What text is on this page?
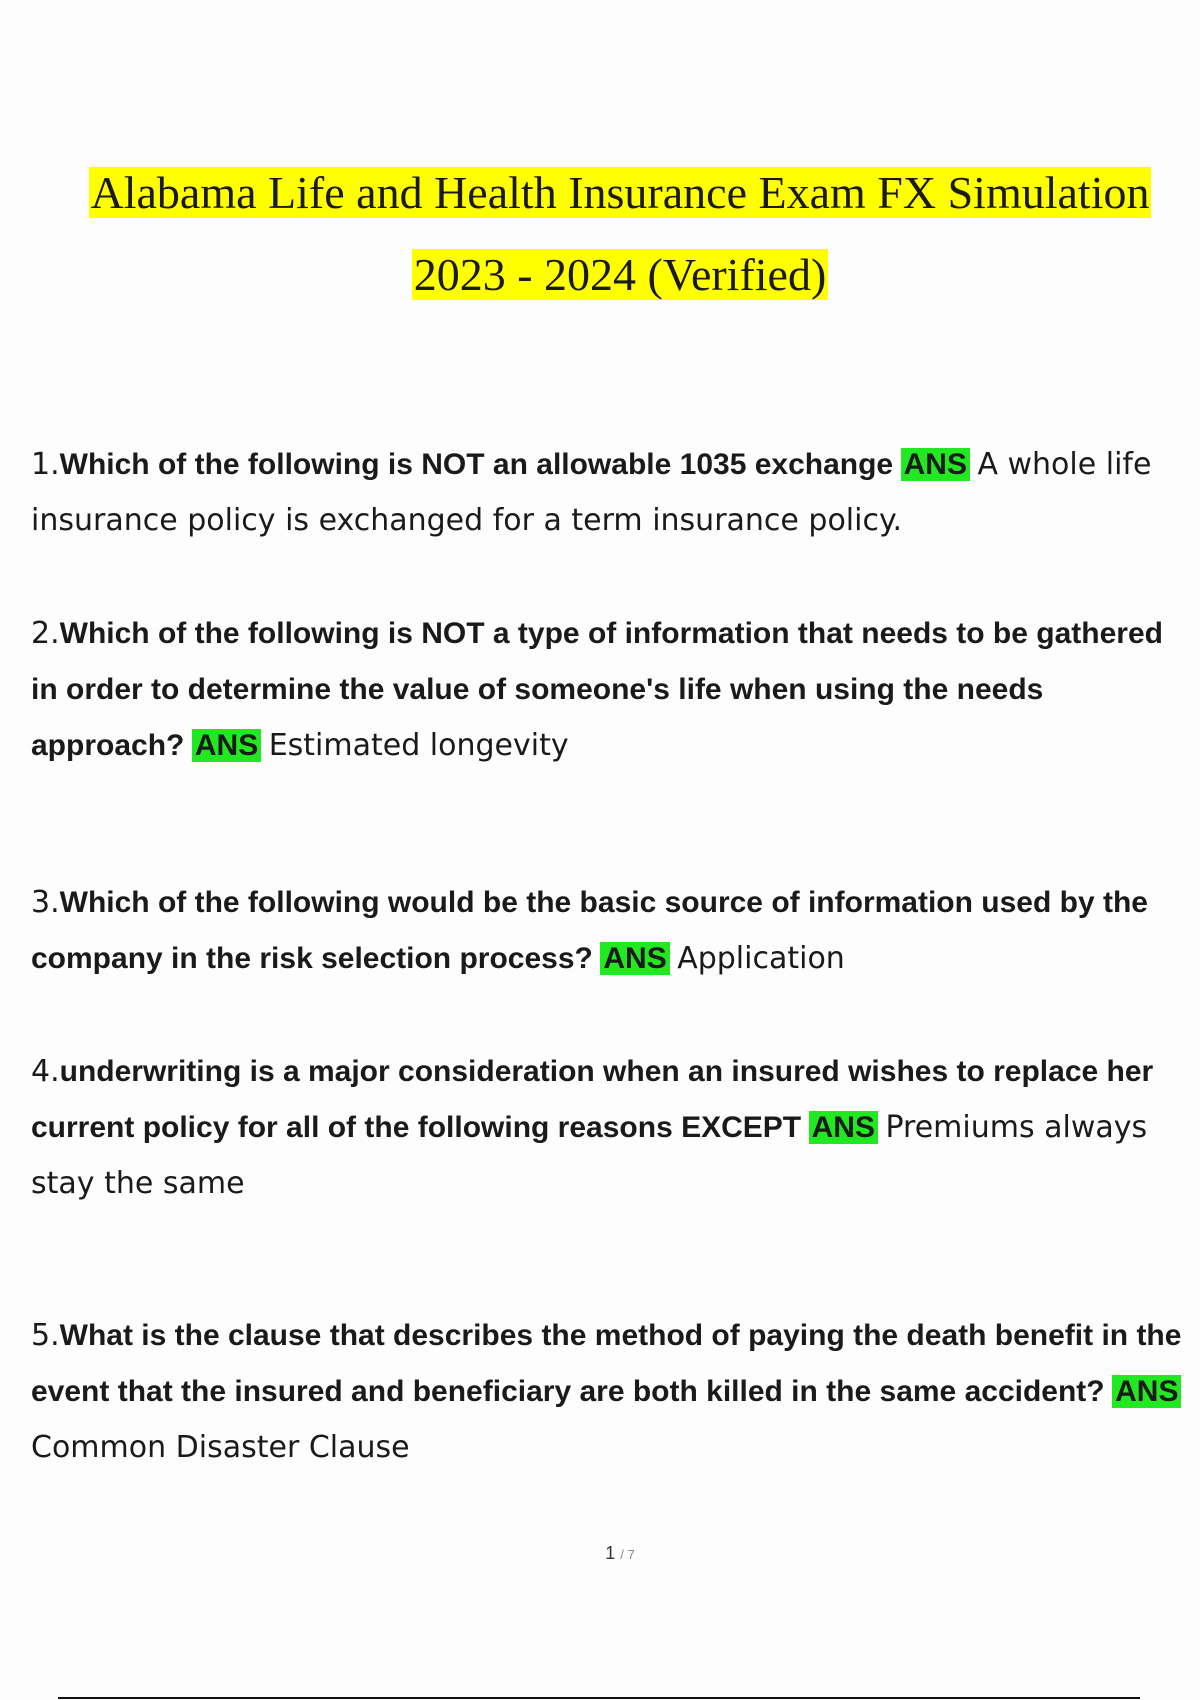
Alabama Life and Health Insurance Exam FX Simulation
2023 - 2024 (Verified)
1.Which of the following is NOT an allowable 1035 exchange ANS A whole life insurance policy is exchanged for a term insurance policy.
2.Which of the following is NOT a type of information that needs to be gathered in order to determine the value of someone's life when using the needs approach? ANS Estimated longevity
3.Which of the following would be the basic source of information used by the company in the risk selection process? ANS Application
4.underwriting is a major consideration when an insured wishes to replace her current policy for all of the following reasons EXCEPT ANS Premiums always stay the same
5.What is the clause that describes the method of paying the death benefit in the event that the insured and beneficiary are both killed in the same accident? ANS Common Disaster Clause
1 / 7
